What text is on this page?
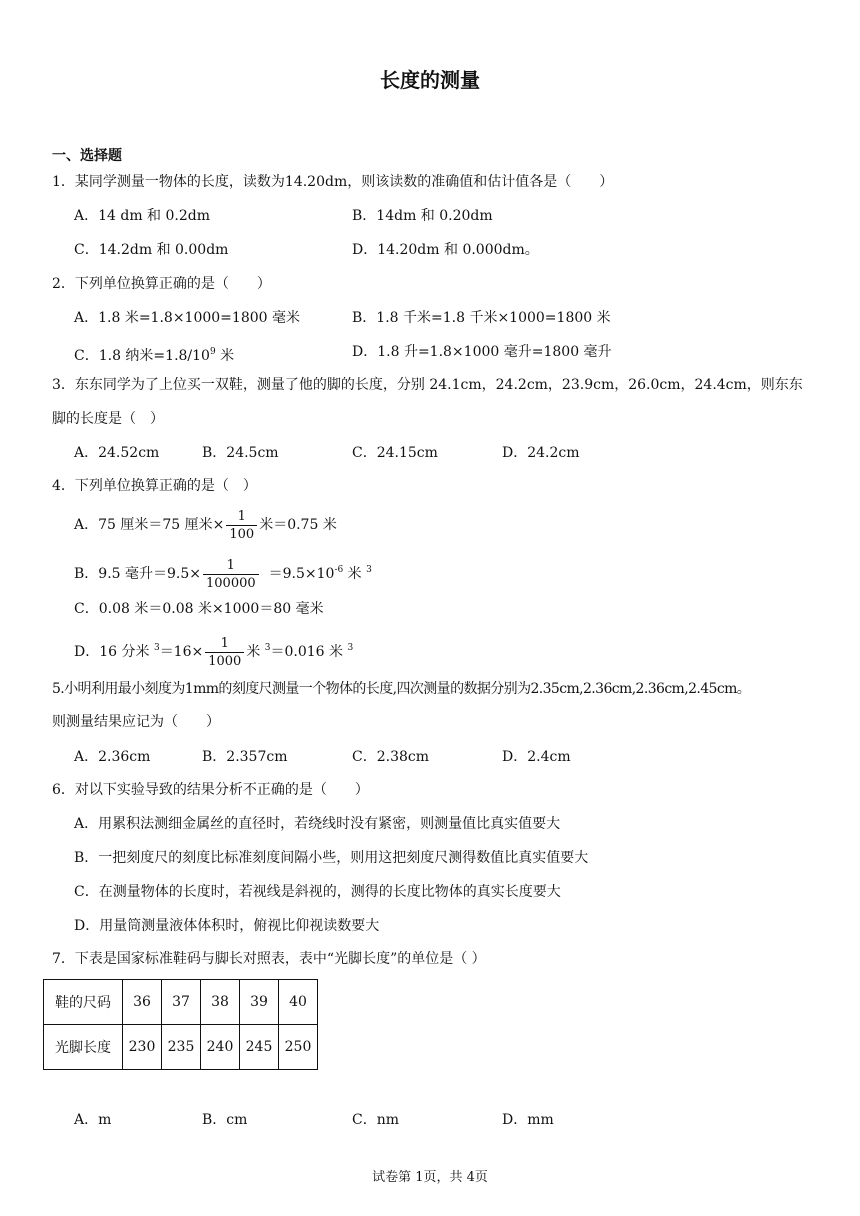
长度的测量
一、选择题
1．某同学测量一物体的长度，读数为14.20dm，则该读数的准确值和估计值各是（　　）
A．14 dm 和 0.2dm	B．14dm 和 0.20dm
C．14.2dm 和 0.00dm	D．14.20dm 和 0.000dm。
2．下列单位换算正确的是（　　）
A．1.8 米=1.8×1000=1800 毫米	B．1.8 千米=1.8 千米×1000=1800 米
C．1.8 纳米$=1.8/10^9$ 米	D．1.8 升=1.8×1000 毫升=1800 毫升
3．东东同学为了上位买一双鞋，测量了他的脚的长度，分别 24.1cm，24.2cm，23.9cm，26.0cm，24.4cm，则东东
脚的长度是（　）
A．24.52cm	B．24.5cm	C．24.15cm	D．24.2cm
4．下列单位换算正确的是（　）
A．75 厘米＝75 厘米× $\frac{1}{100}$ 米＝0.75 米
B．9.5 毫升$=9.5\times \frac{1}{100000} =9.5\times 10^{-6}$ 米 $^3$
C．0.08 米＝0.08 米×1000＝80 毫米
D．16 分米 $^3=16\times \frac{1}{1000}$ 米 $^3$＝0.016 米 $^3$
5.小明利用最小刻度为1mm的刻度尺测量一个物体的长度,四次测量的数据分别为2.35cm,2.36cm,2.36cm,2.45cm。
则测量结果应记为（　　）
A．2.36cm	B．2.357cm	C．2.38cm	D．2.4cm
6．对以下实验导致的结果分析不正确的是（　　）
A．用累积法测细金属丝的直径时，若绕线时没有紧密，则测量值比真实值要大
B．一把刻度尺的刻度比标准刻度间隔小些，则用这把刻度尺测得数值比真实值要大
C．在测量物体的长度时，若视线是斜视的，测得的长度比物体的真实长度要大
D．用量筒测量液体体积时，俯视比仰视读数要大
7．下表是国家标准鞋码与脚长对照表，表中“光脚长度”的单位是（ ）
鞋的尺码	36	37	38	39	40
光脚长度	230	235	240	245	250
A．m	B．cm	C．nm	D．mm
试卷第 1页，共 4页
